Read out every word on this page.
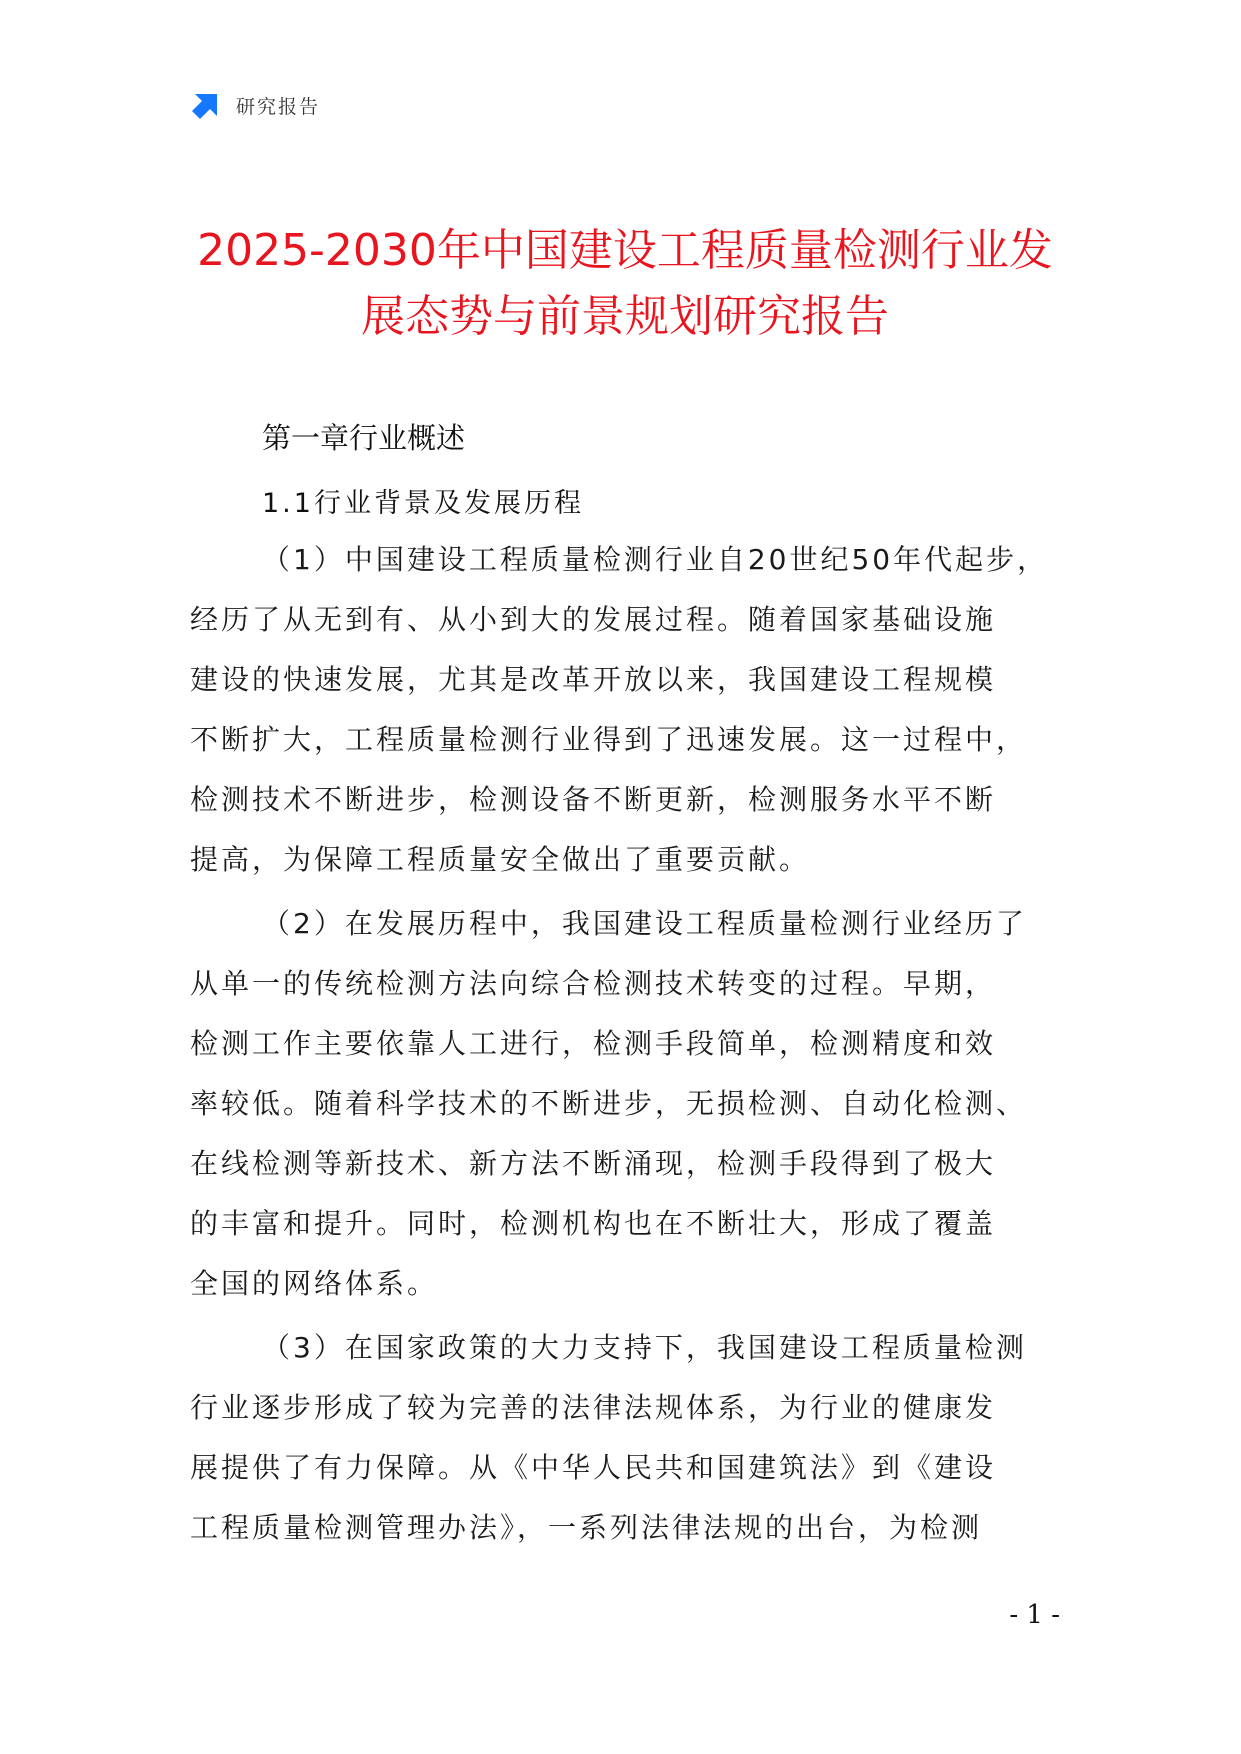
研究报告
2025-2030年中国建设工程质量检测行业发
展态势与前景规划研究报告
第一章行业概述
1.1行业背景及发展历程
（1）中国建设工程质量检测行业自20世纪50年代起步，
经历了从无到有、从小到大的发展过程。随着国家基础设施
建设的快速发展，尤其是改革开放以来，我国建设工程规模
不断扩大，工程质量检测行业得到了迅速发展。这一过程中，
检测技术不断进步，检测设备不断更新，检测服务水平不断
提高，为保障工程质量安全做出了重要贡献。
（2）在发展历程中，我国建设工程质量检测行业经历了
从单一的传统检测方法向综合检测技术转变的过程。早期，
检测工作主要依靠人工进行，检测手段简单，检测精度和效
率较低。随着科学技术的不断进步，无损检测、自动化检测、
在线检测等新技术、新方法不断涌现，检测手段得到了极大
的丰富和提升。同时，检测机构也在不断壮大，形成了覆盖
全国的网络体系。
（3）在国家政策的大力支持下，我国建设工程质量检测
行业逐步形成了较为完善的法律法规体系，为行业的健康发
展提供了有力保障。从《中华人民共和国建筑法》到《建设
工程质量检测管理办法》，一系列法律法规的出台，为检测
- 1 -
